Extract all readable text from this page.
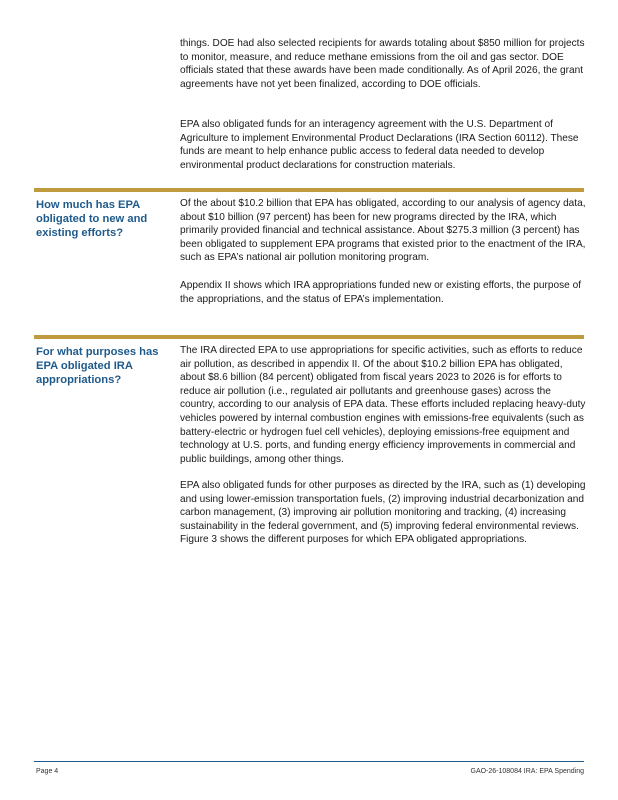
things. DOE had also selected recipients for awards totaling about $850 million for projects to monitor, measure, and reduce methane emissions from the oil and gas sector. DOE officials stated that these awards have been made conditionally. As of April 2026, the grant agreements have not yet been finalized, according to DOE officials.

EPA also obligated funds for an interagency agreement with the U.S. Department of Agriculture to implement Environmental Product Declarations (IRA Section 60112). These funds are meant to help enhance public access to federal data needed to develop environmental product declarations for construction materials.

How much has EPA obligated to new and existing efforts?

Of the about $10.2 billion that EPA has obligated, according to our analysis of agency data, about $10 billion (97 percent) has been for new programs directed by the IRA, which primarily provided financial and technical assistance. About $275.3 million (3 percent) has been obligated to supplement EPA programs that existed prior to the enactment of the IRA, such as EPA’s national air pollution monitoring program.

Appendix II shows which IRA appropriations funded new or existing efforts, the purpose of the appropriations, and the status of EPA’s implementation.

For what purposes has EPA obligated IRA appropriations?

The IRA directed EPA to use appropriations for specific activities, such as efforts to reduce air pollution, as described in appendix II. Of the about $10.2 billion EPA has obligated, about $8.6 billion (84 percent) obligated from fiscal years 2023 to 2026 is for efforts to reduce air pollution (i.e., regulated air pollutants and greenhouse gases) across the country, according to our analysis of EPA data. These efforts included replacing heavy-duty vehicles powered by internal combustion engines with emissions-free equivalents (such as battery-electric or hydrogen fuel cell vehicles), deploying emissions-free equipment and technology at U.S. ports, and funding energy efficiency improvements in commercial and public buildings, among other things.

EPA also obligated funds for other purposes as directed by the IRA, such as (1) developing and using lower-emission transportation fuels, (2) improving industrial decarbonization and carbon management, (3) improving air pollution monitoring and tracking, (4) increasing sustainability in the federal government, and (5) improving federal environmental reviews. Figure 3 shows the different purposes for which EPA obligated appropriations.

Page 4	GAO-26-108084 IRA: EPA Spending
